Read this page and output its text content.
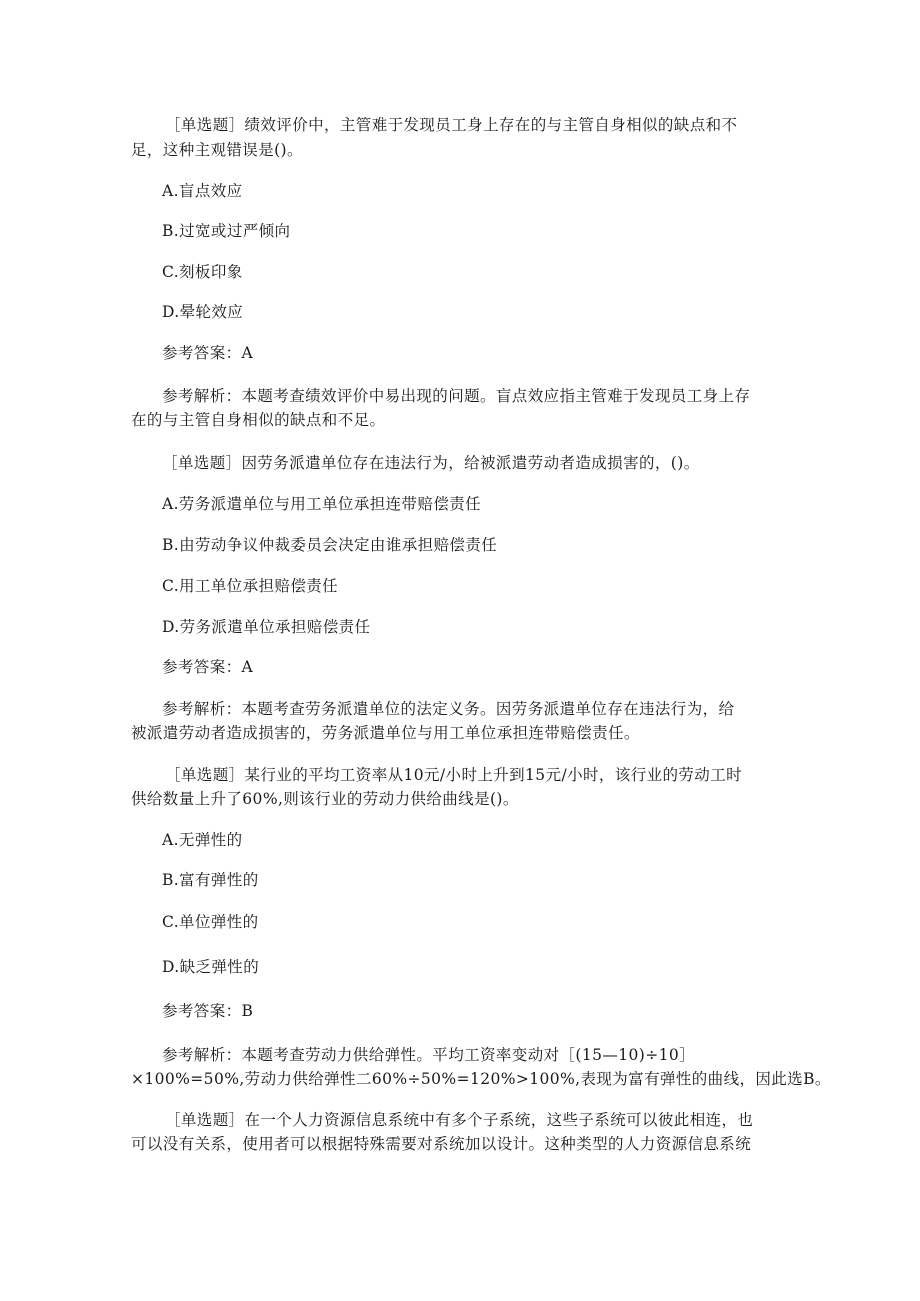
［单选题］绩效评价中，主管难于发现员工身上存在的与主管自身相似的缺点和不
足，这种主观错误是()。
A.盲点效应
B.过宽或过严倾向
C.刻板印象
D.晕轮效应
参考答案：A
参考解析：本题考查绩效评价中易出现的问题。盲点效应指主管难于发现员工身上存
在的与主管自身相似的缺点和不足。
［单选题］因劳务派遣单位存在违法行为，给被派遣劳动者造成损害的，()。
A.劳务派遣单位与用工单位承担连带赔偿责任
B.由劳动争议仲裁委员会决定由谁承担赔偿责任
C.用工单位承担赔偿责任
D.劳务派遣单位承担赔偿责任
参考答案：A
参考解析：本题考查劳务派遣单位的法定义务。因劳务派遣单位存在违法行为，给
被派遣劳动者造成损害的，劳务派遣单位与用工单位承担连带赔偿责任。
［单选题］某行业的平均工资率从10元/小时上升到15元/小时，该行业的劳动工时
供给数量上升了60%,则该行业的劳动力供给曲线是()。
A.无弹性的
B.富有弹性的
C.单位弹性的
D.缺乏弹性的
参考答案：B
参考解析：本题考查劳动力供给弹性。平均工资率变动对［(15—10)÷10］
×100%=50%,劳动力供给弹性二60%÷50%=120%>100%,表现为富有弹性的曲线，因此选B。
［单选题］在一个人力资源信息系统中有多个子系统，这些子系统可以彼此相连，也
可以没有关系，使用者可以根据特殊需要对系统加以设计。这种类型的人力资源信息系统
